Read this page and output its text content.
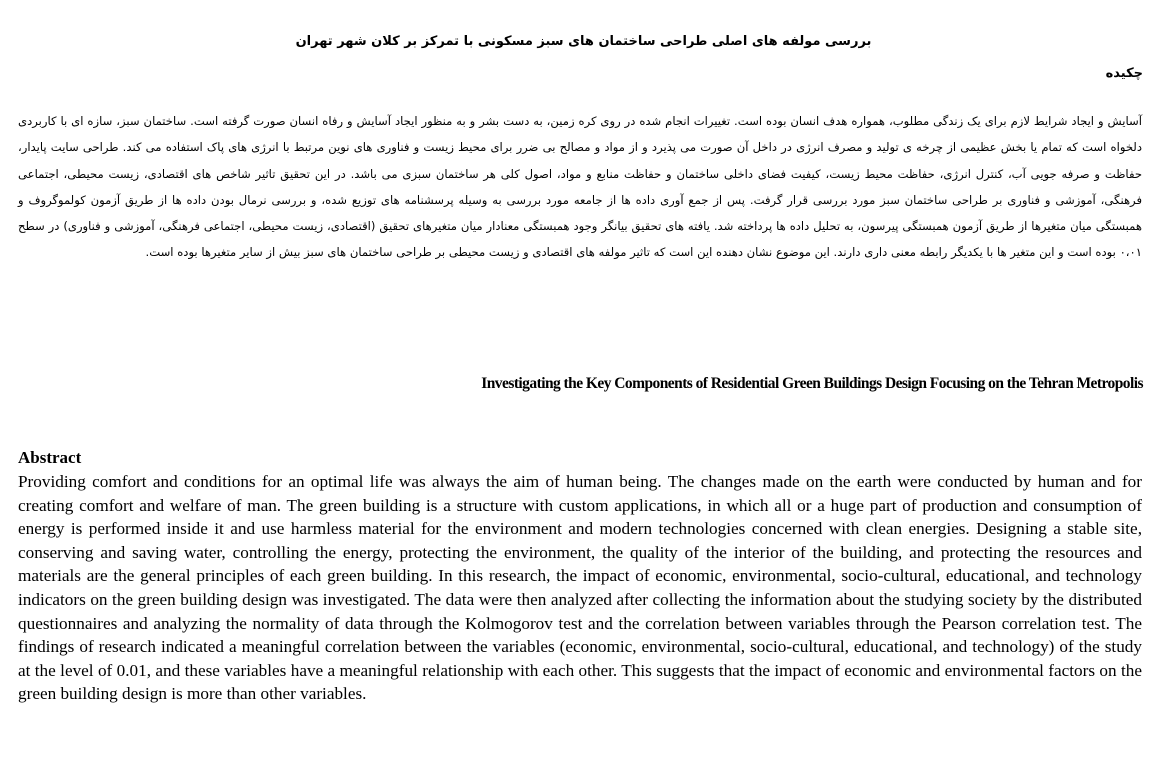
بررسی مولفه های اصلی طراحی ساختمان های سبز مسکونی با تمرکز بر کلان شهر تهران
چکیده

آسایش و ایجاد شرایط لازم برای یک زندگی مطلوب، همواره هدف انسان بوده است. تغییرات انجام شده در روی کره زمین، به دست بشر و به منظور ایجاد آسایش و رفاه انسان صورت گرفته است. ساختمان سبز، سازه ای با کاربردی دلخواه است که تمام یا بخش عظیمی از چرخه ی تولید و مصرف انرژی در داخل آن صورت می پذیرد و از مواد و مصالح بی ضرر برای محیط زیست و فناوری های نوین مرتبط با انرژی های پاک استفاده می کند. طراحی سایت پایدار، حفاظت و صرفه جویی آب، کنترل انرژی، حفاظت محیط زیست، کیفیت فضای داخلی ساختمان و حفاظت منابع و مواد، اصول کلی هر ساختمان سبزی می باشد. در این تحقیق تاثیر شاخص های اقتصادی، زیست محیطی، اجتماعی فرهنگی، آموزشی و فناوری بر طراحی ساختمان سبز مورد بررسی قرار گرفت. پس از جمع آوری داده ها از جامعه مورد بررسی به وسیله پرسشنامه های توزیع شده، و بررسی نرمال بودن داده ها از طریق آزمون کولموگروف و همبستگی میان متغیرها از طریق آزمون همبستگی پیرسون، به تحلیل داده ها پرداخته شد. یافته های تحقیق بیانگر وجود همبستگی معنادار میان متغیرهای تحقیق (اقتصادی، زیست محیطی، اجتماعی فرهنگی، آموزشی و فناوری) در سطح ۰،۰۱ بوده است و این متغیر ها با یکدیگر رابطه معنی داری دارند. این موضوع نشان دهنده این است که تاثیر مولفه های اقتصادی و زیست محیطی بر طراحی ساختمان های سبز بیش از سایر متغیرها بوده است.

Investigating the Key Components of Residential Green Buildings Design Focusing on the Tehran Metropolis
Abstract

Providing comfort and conditions for an optimal life was always the aim of human being. The changes made on the earth were conducted by human and for creating comfort and welfare of man. The green building is a structure with custom applications, in which all or a huge part of production and consumption of energy is performed inside it and use harmless material for the environment and modern technologies concerned with clean energies. Designing a stable site, conserving and saving water, controlling the energy, protecting the environment, the quality of the interior of the building, and protecting the resources and materials are the general principles of each green building. In this research, the impact of economic, environmental, socio-cultural, educational, and technology indicators on the green building design was investigated. The data were then analyzed after collecting the information about the studying society by the distributed questionnaires and analyzing the normality of data through the Kolmogorov test and the correlation between variables through the Pearson correlation test. The findings of research indicated a meaningful correlation between the variables (economic, environmental, socio-cultural, educational, and technology) of the study at the level of 0.01, and these variables have a meaningful relationship with each other. This suggests that the impact of economic and environmental factors on the green building design is more than other variables.
